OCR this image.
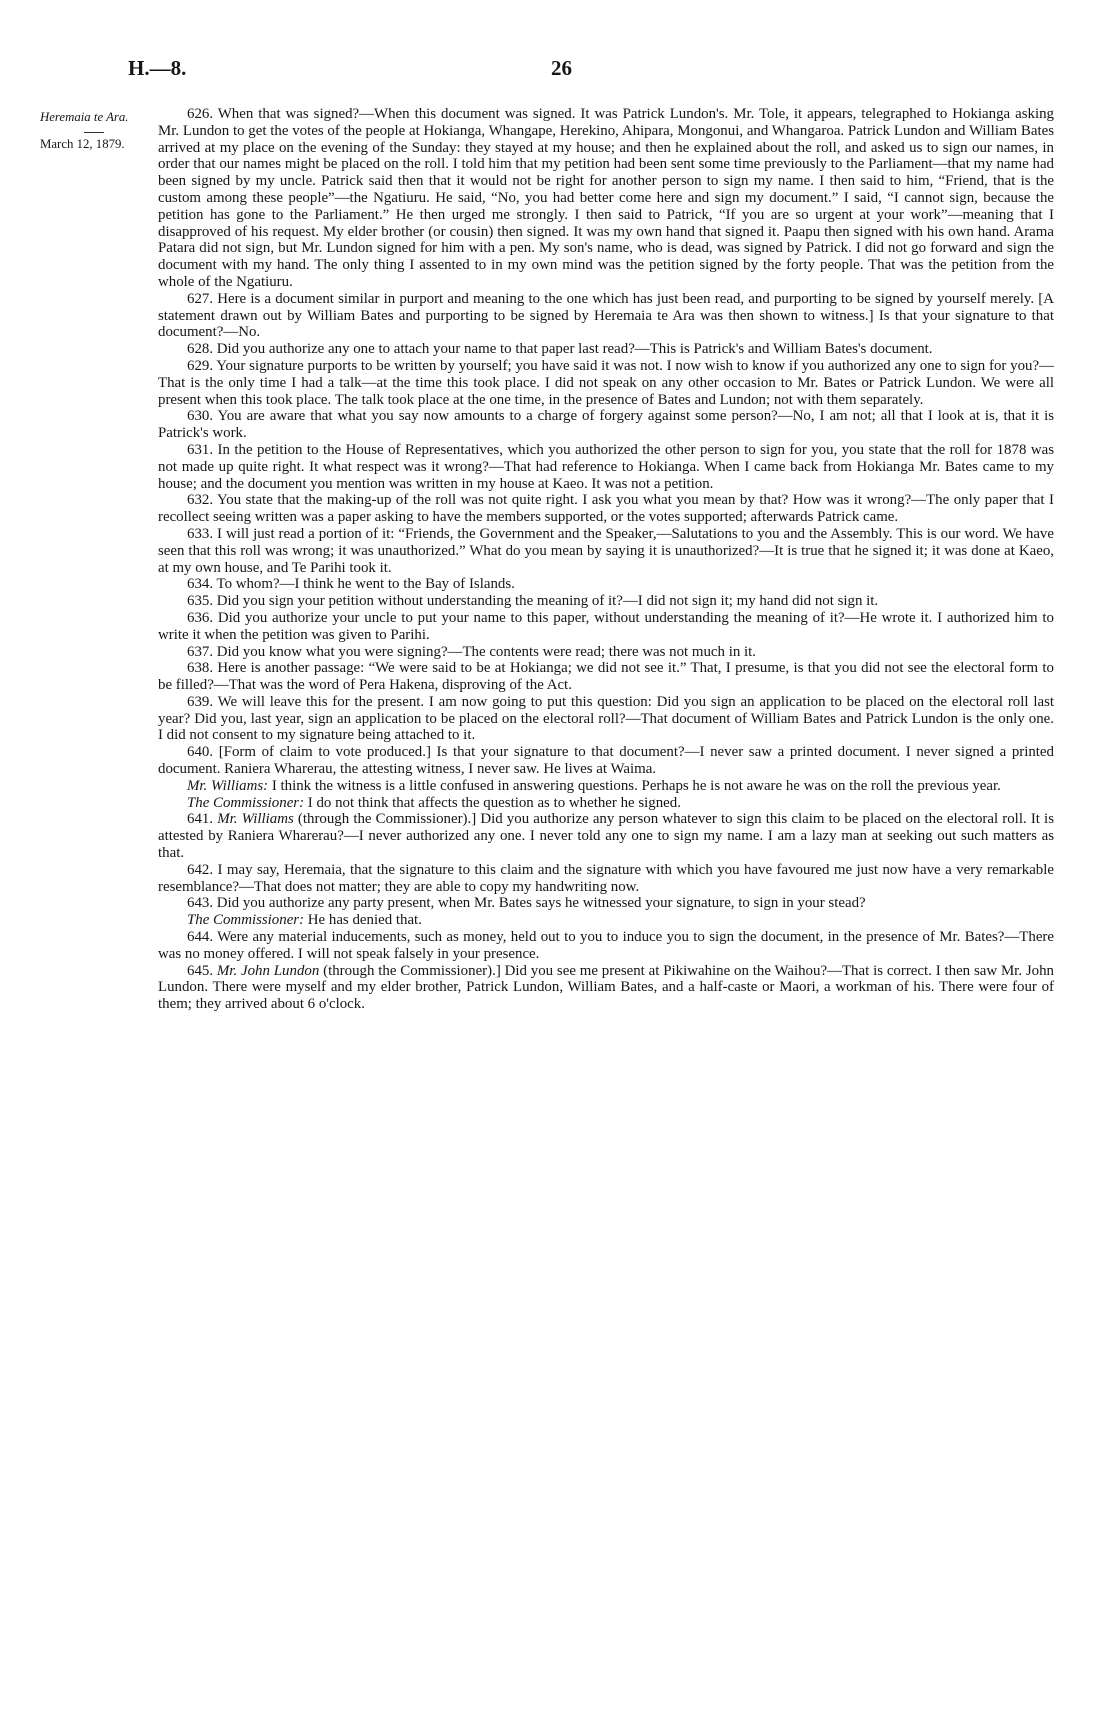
H.—8.	26
Heremaia te Ara.
March 12, 1879.

626. When that was signed?—When this document was signed. It was Patrick Lundon's. Mr. Tole, it appears, telegraphed to Hokianga asking Mr. Lundon to get the votes of the people at Hokianga, Whangape, Herekino, Ahipara, Mongonui, and Whangaroa. Patrick Lundon and William Bates arrived at my place on the evening of the Sunday: they stayed at my house; and then he explained about the roll, and asked us to sign our names, in order that our names might be placed on the roll. I told him that my petition had been sent some time previously to the Parliament—that my name had been signed by my uncle. Patrick said then that it would not be right for another person to sign my name. I then said to him, “Friend, that is the custom among these people”—the Ngatiuru. He said, “No, you had better come here and sign my document.” I said, “I cannot sign, because the petition has gone to the Parliament.” He then urged me strongly. I then said to Patrick, “If you are so urgent at your work”—meaning that I disapproved of his request. My elder brother (or cousin) then signed. It was my own hand that signed it. Paapu then signed with his own hand. Arama Patara did not sign, but Mr. Lundon signed for him with a pen. My son's name, who is dead, was signed by Patrick. I did not go forward and sign the document with my hand. The only thing I assented to in my own mind was the petition signed by the forty people. That was the petition from the whole of the Ngatiuru.

627. Here is a document similar in purport and meaning to the one which has just been read, and purporting to be signed by yourself merely. [A statement drawn out by William Bates and purporting to be signed by Heremaia te Ara was then shown to witness.] Is that your signature to that document?—No.

628. Did you authorize any one to attach your name to that paper last read?—This is Patrick's and William Bates's document.

629. Your signature purports to be written by yourself; you have said it was not. I now wish to know if you authorized any one to sign for you?—That is the only time I had a talk—at the time this took place. I did not speak on any other occasion to Mr. Bates or Patrick Lundon. We were all present when this took place. The talk took place at the one time, in the presence of Bates and Lundon; not with them separately.

630. You are aware that what you say now amounts to a charge of forgery against some person?—No, I am not; all that I look at is, that it is Patrick's work.

631. In the petition to the House of Representatives, which you authorized the other person to sign for you, you state that the roll for 1878 was not made up quite right. It what respect was it wrong?—That had reference to Hokianga. When I came back from Hokianga Mr. Bates came to my house; and the document you mention was written in my house at Kaeo. It was not a petition.

632. You state that the making-up of the roll was not quite right. I ask you what you mean by that? How was it wrong?—The only paper that I recollect seeing written was a paper asking to have the members supported, or the votes supported; afterwards Patrick came.

633. I will just read a portion of it: “Friends, the Government and the Speaker,—Salutations to you and the Assembly. This is our word. We have seen that this roll was wrong; it was unauthorized.” What do you mean by saying it is unauthorized?—It is true that he signed it; it was done at Kaeo, at my own house, and Te Parihi took it.

634. To whom?—I think he went to the Bay of Islands.

635. Did you sign your petition without understanding the meaning of it?—I did not sign it; my hand did not sign it.

636. Did you authorize your uncle to put your name to this paper, without understanding the meaning of it?—He wrote it. I authorized him to write it when the petition was given to Parihi.

637. Did you know what you were signing?—The contents were read; there was not much in it.

638. Here is another passage: “We were said to be at Hokianga; we did not see it.” That, I presume, is that you did not see the electoral form to be filled?—That was the word of Pera Hakena, disproving of the Act.

639. We will leave this for the present. I am now going to put this question: Did you sign an application to be placed on the electoral roll last year? Did you, last year, sign an application to be placed on the electoral roll?—That document of William Bates and Patrick Lundon is the only one. I did not consent to my signature being attached to it.

640. [Form of claim to vote produced.] Is that your signature to that document?—I never saw a printed document. I never signed a printed document. Raniera Wharerau, the attesting witness, I never saw. He lives at Waima.

Mr. Williams: I think the witness is a little confused in answering questions. Perhaps he is not aware he was on the roll the previous year.

The Commissioner: I do not think that affects the question as to whether he signed.

641. Mr. Williams (through the Commissioner).] Did you authorize any person whatever to sign this claim to be placed on the electoral roll. It is attested by Raniera Wharerau?—I never authorized any one. I never told any one to sign my name. I am a lazy man at seeking out such matters as that.

642. I may say, Heremaia, that the signature to this claim and the signature with which you have favoured me just now have a very remarkable resemblance?—That does not matter; they are able to copy my handwriting now.

643. Did you authorize any party present, when Mr. Bates says he witnessed your signature, to sign in your stead?

The Commissioner: He has denied that.

644. Were any material inducements, such as money, held out to you to induce you to sign the document, in the presence of Mr. Bates?—There was no money offered. I will not speak falsely in your presence.

645. Mr. John Lundon (through the Commissioner).] Did you see me present at Pikiwahine on the Waihou?—That is correct. I then saw Mr. John Lundon. There were myself and my elder brother, Patrick Lundon, William Bates, and a half-caste or Maori, a workman of his. There were four of them; they arrived about 6 o'clock.
